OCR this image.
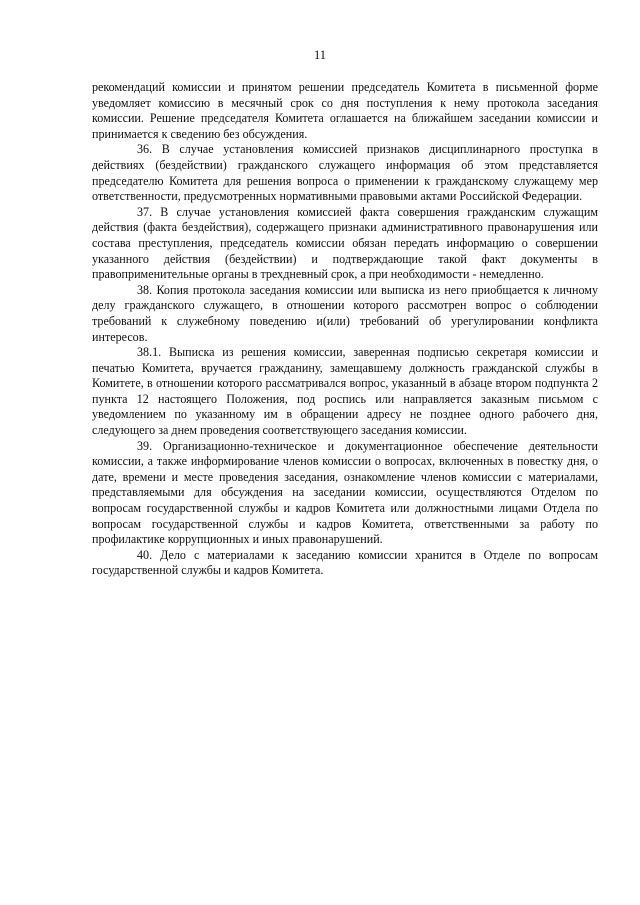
11

рекомендаций комиссии и принятом решении председатель Комитета в письменной форме уведомляет комиссию в месячный срок со дня поступления к нему протокола заседания комиссии. Решение председателя Комитета оглашается на ближайшем заседании комиссии и принимается к сведению без обсуждения.

36. В случае установления комиссией признаков дисциплинарного проступка в действиях (бездействии) гражданского служащего информация об этом представляется председателю Комитета для решения вопроса о применении к гражданскому служащему мер ответственности, предусмотренных нормативными правовыми актами Российской Федерации.

37. В случае установления комиссией факта совершения гражданским служащим действия (факта бездействия), содержащего признаки административного правонарушения или состава преступления, председатель комиссии обязан передать информацию о совершении указанного действия (бездействии) и подтверждающие такой факт документы в правоприменительные органы в трехдневный срок, а при необходимости - немедленно.

38. Копия протокола заседания комиссии или выписка из него приобщается к личному делу гражданского служащего, в отношении которого рассмотрен вопрос о соблюдении требований к служебному поведению и(или) требований об урегулировании конфликта интересов.

38.1. Выписка из решения комиссии, заверенная подписью секретаря комиссии и печатью Комитета, вручается гражданину, замещавшему должность гражданской службы в Комитете, в отношении которого рассматривался вопрос, указанный в абзаце втором подпункта 2 пункта 12 настоящего Положения, под роспись или направляется заказным письмом с уведомлением по указанному им в обращении адресу не позднее одного рабочего дня, следующего за днем проведения соответствующего заседания комиссии.

39. Организационно-техническое и документационное обеспечение деятельности комиссии, а также информирование членов комиссии о вопросах, включенных в повестку дня, о дате, времени и месте проведения заседания, ознакомление членов комиссии с материалами, представляемыми для обсуждения на заседании комиссии, осуществляются Отделом по вопросам государственной службы и кадров Комитета или должностными лицами Отдела по вопросам государственной службы и кадров Комитета, ответственными за работу по профилактике коррупционных и иных правонарушений.

40. Дело с материалами к заседанию комиссии хранится в Отделе по вопросам государственной службы и кадров Комитета.
